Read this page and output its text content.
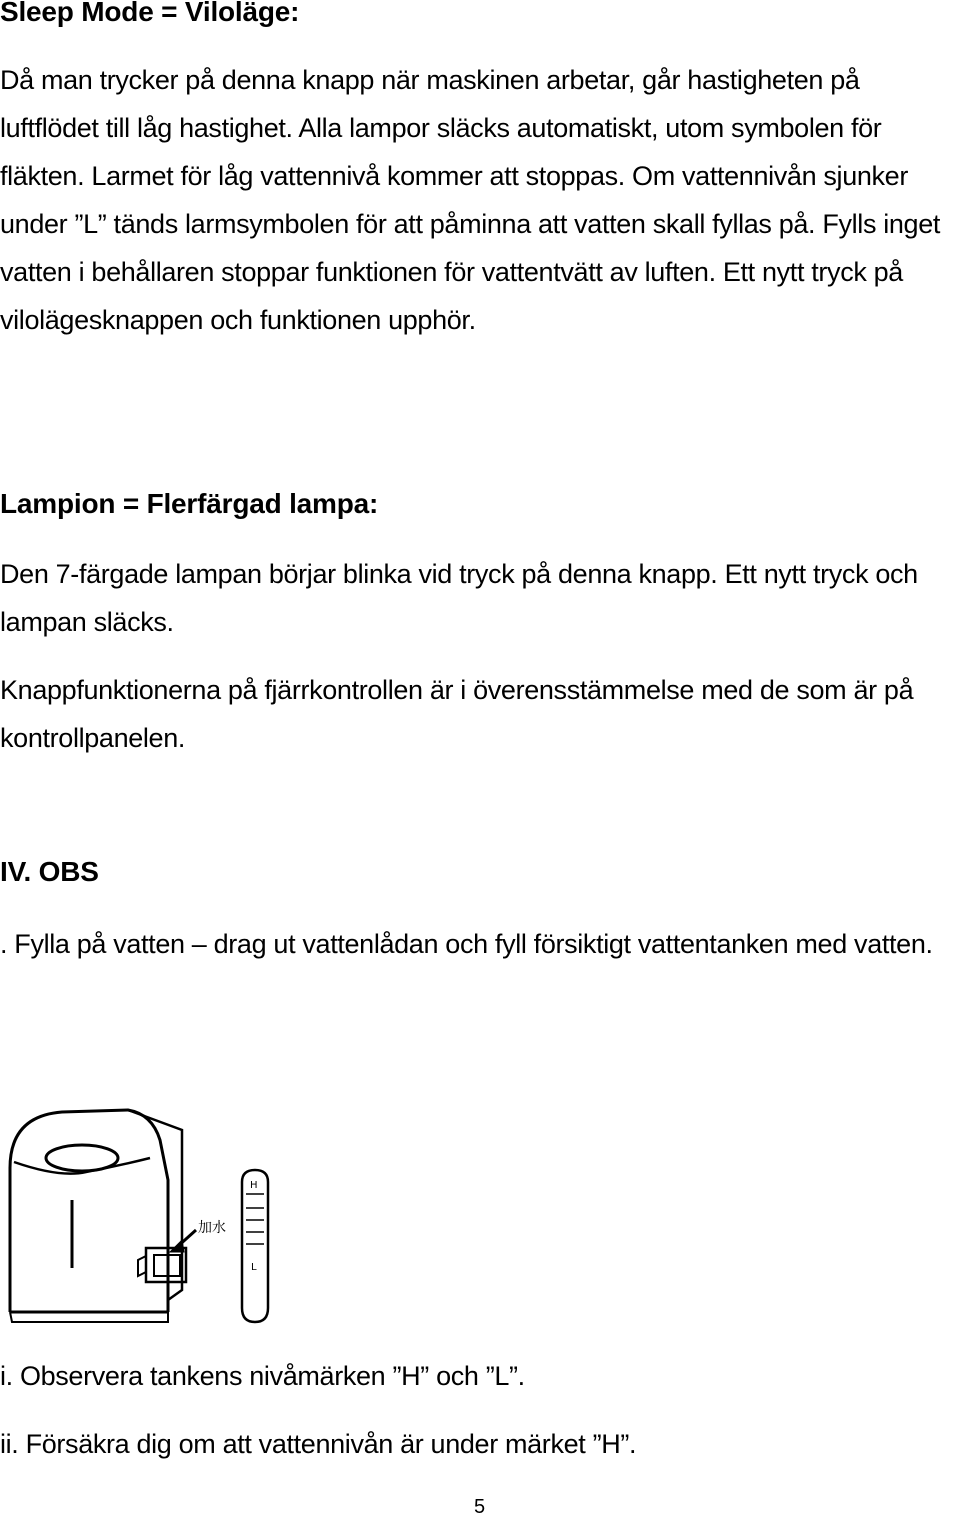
Sleep Mode = Viloläge:

Då man trycker på denna knapp när maskinen arbetar, går hastigheten på luftflödet till låg hastighet. Alla lampor släcks automatiskt, utom symbolen för fläkten. Larmet för låg vattennivå kommer att stoppas. Om vattennivån sjunker under ”L” tänds larmsymbolen för att påminna att vatten skall fyllas på. Fylls inget vatten i behållaren stoppar funktionen för vattentvätt av luften. Ett nytt tryck på vilolägesknappen och funktionen upphör.

Lampion = Flerfärgad lampa:

Den 7-färgade lampan börjar blinka vid tryck på denna knapp. Ett nytt tryck och lampan släcks.

Knappfunktionerna på fjärrkontrollen är i överensstämmelse med de som är på kontrollpanelen.

IV. OBS

. Fylla på vatten – drag ut vattenlådan och fyll försiktigt vattentanken med vatten.

加水
H
L

i. Observera tankens nivåmärken ”H” och ”L”.

ii. Försäkra dig om att vattennivån är under märket ”H”.

5
